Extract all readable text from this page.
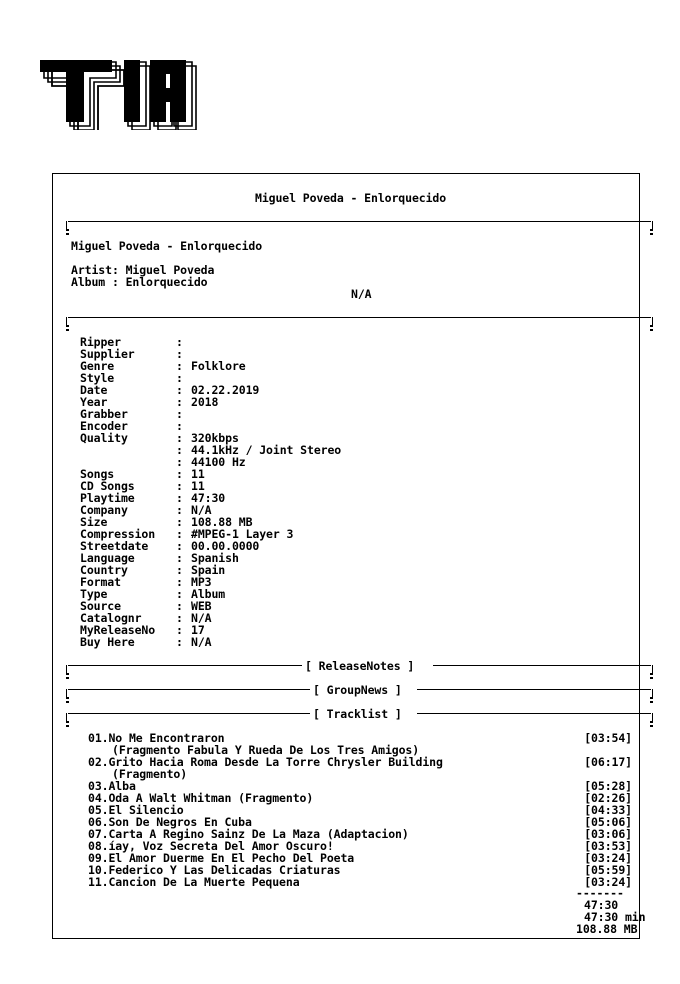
Miguel Poveda - Enlorquecido
Miguel Poveda - Enlorquecido
Artist: Miguel Poveda
Album : Enlorquecido
N/A
Ripper	:
Supplier	:
Genre	: Folklore
Style	:
Date	: 02.22.2019
Year	: 2018
Grabber	:
Encoder	:
Quality	: 320kbps
: 44.1kHz / Joint Stereo
: 44100 Hz
Songs	: 11
CD Songs	: 11
Playtime	: 47:30
Company	: N/A
Size	: 108.88 MB
Compression	: #MPEG-1 Layer 3
Streetdate	: 00.00.0000
Language	: Spanish
Country	: Spain
Format	: MP3
Type	: Album
Source	: WEB
Catalognr	: N/A
MyReleaseNo	: 17
Buy Here	: N/A
[ ReleaseNotes ]
[ GroupNews ]
[ Tracklist ]
01.No Me Encontraron	[03:54]
(Fragmento Fabula Y Rueda De Los Tres Amigos)
02.Grito Hacia Roma Desde La Torre Chrysler Building	[06:17]
(Fragmento)
03.Alba	[05:28]
04.Oda A Walt Whitman (Fragmento)	[02:26]
05.El Silencio	[04:33]
06.Son De Negros En Cuba	[05:06]
07.Carta A Regino Sainz De La Maza (Adaptacion)	[03:06]
08.íay, Voz Secreta Del Amor Oscuro!	[03:53]
09.El Amor Duerme En El Pecho Del Poeta	[03:24]
10.Federico Y Las Delicadas Criaturas	[05:59]
11.Cancion De La Muerte Pequena	[03:24]
-------
47:30
47:30 min
108.88 MB
